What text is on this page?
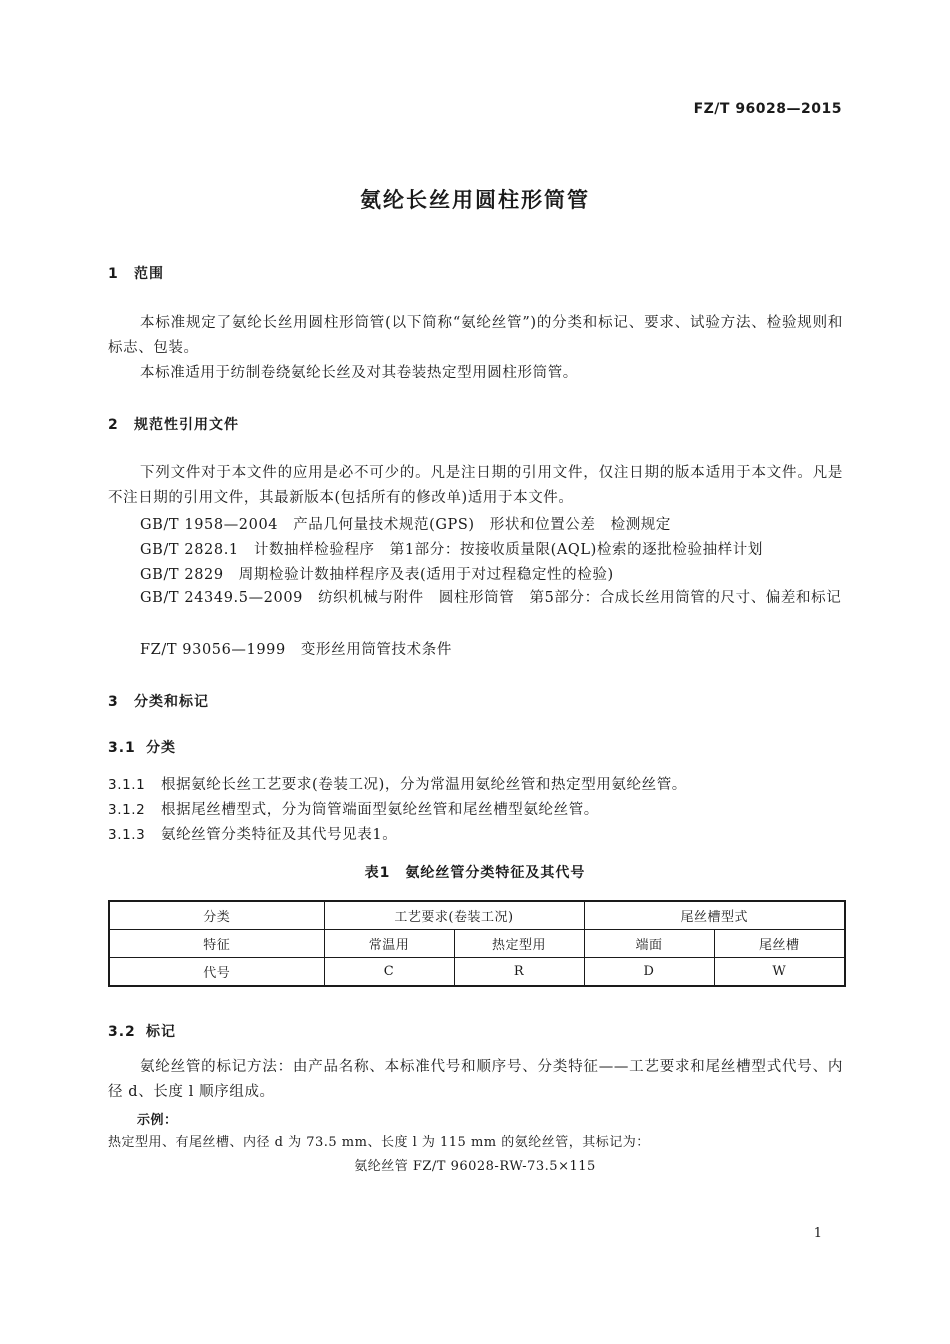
FZ/T 96028—2015
氨纶长丝用圆柱形筒管
1 范围

本标准规定了氨纶长丝用圆柱形筒管(以下简称“氨纶丝管”)的分类和标记、要求、试验方法、检验规则和标志、包装。

本标准适用于纺制卷绕氨纶长丝及对其卷装热定型用圆柱形筒管。

2 规范性引用文件

下列文件对于本文件的应用是必不可少的。凡是注日期的引用文件，仅注日期的版本适用于本文件。凡是不注日期的引用文件，其最新版本(包括所有的修改单)适用于本文件。

GB/T 1958—2004　产品几何量技术规范(GPS)　形状和位置公差　检测规定
GB/T 2828.1　计数抽样检验程序　第1部分：按接收质量限(AQL)检索的逐批检验抽样计划
GB/T 2829　周期检验计数抽样程序及表(适用于对过程稳定性的检验)

GB/T 24349.5—2009　纺织机械与附件　圆柱形筒管　第5部分：合成长丝用筒管的尺寸、偏差和标记

FZ/T 93056—1999　变形丝用筒管技术条件
3 分类和标记
3.1 分类
3.1.1 根据氨纶长丝工艺要求(卷装工况)，分为常温用氨纶丝管和热定型用氨纶丝管。
3.1.2 根据尾丝槽型式，分为筒管端面型氨纶丝管和尾丝槽型氨纶丝管。
3.1.3 氨纶丝管分类特征及其代号见表1。
表1　氨纶丝管分类特征及其代号
分类	工艺要求(卷装工况)		尾丝槽型式	
特征	常温用	热定型用	端面	尾丝槽
代号	C	R	D	W
3.2 标记

氨纶丝管的标记方法：由产品名称、本标准代号和顺序号、分类特征——工艺要求和尾丝槽型式代号、内径 d、长度 l 顺序组成。

示例：
热定型用、有尾丝槽、内径 d 为 73.5 mm、长度 l 为 115 mm 的氨纶丝管，其标记为：
氨纶丝管 FZ/T 96028-RW-73.5×115
1
